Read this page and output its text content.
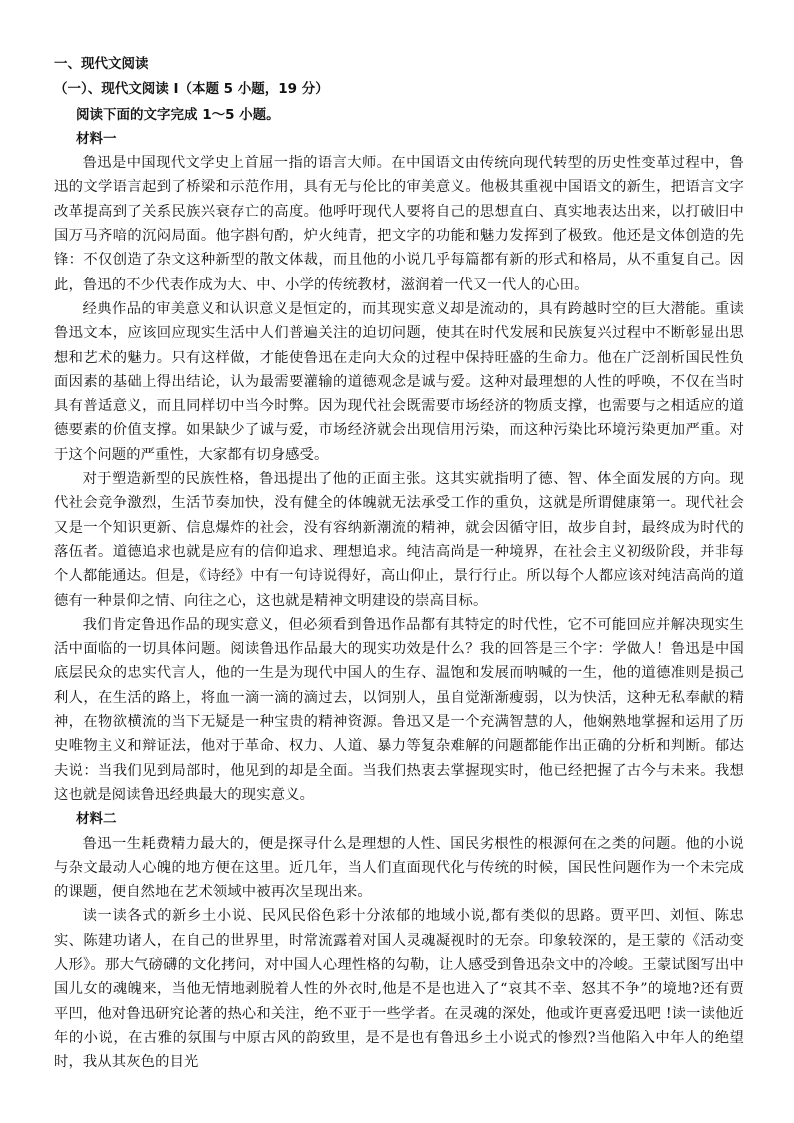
一、现代文阅读
（一）、现代文阅读 I（本题 5 小题，19 分）
阅读下面的文字完成 1～5 小题。
材料一

鲁迅是中国现代文学史上首屈一指的语言大师。在中国语文由传统向现代转型的历史性变革过程中，鲁迅的文学语言起到了桥梁和示范作用，具有无与伦比的审美意义。他极其重视中国语文的新生，把语言文字改革提高到了关系民族兴衰存亡的高度。他呼吁现代人要将自己的思想直白、真实地表达出来，以打破旧中国万马齐喑的沉闷局面。他字斟句酌，炉火纯青，把文字的功能和魅力发挥到了极致。他还是文体创造的先锋：不仅创造了杂文这种新型的散文体裁，而且他的小说几乎每篇都有新的形式和格局，从不重复自己。因此，鲁迅的不少代表作成为大、中、小学的传统教材，滋润着一代又一代人的心田。

经典作品的审美意义和认识意义是恒定的，而其现实意义却是流动的，具有跨越时空的巨大潜能。重读鲁迅文本，应该回应现实生活中人们普遍关注的迫切问题，使其在时代发展和民族复兴过程中不断彰显出思想和艺术的魅力。只有这样做，才能使鲁迅在走向大众的过程中保持旺盛的生命力。他在广泛剖析国民性负面因素的基础上得出结论，认为最需要灌输的道德观念是诚与爱。这种对最理想的人性的呼唤，不仅在当时具有普适意义，而且同样切中当今时弊。因为现代社会既需要市场经济的物质支撑，也需要与之相适应的道德要素的价值支撑。如果缺少了诚与爱，市场经济就会出现信用污染，而这种污染比环境污染更加严重。对于这个问题的严重性，大家都有切身感受。

对于塑造新型的民族性格，鲁迅提出了他的正面主张。这其实就指明了德、智、体全面发展的方向。现代社会竞争激烈，生活节奏加快，没有健全的体魄就无法承受工作的重负，这就是所谓健康第一。现代社会又是一个知识更新、信息爆炸的社会，没有容纳新潮流的精神，就会因循守旧，故步自封，最终成为时代的落伍者。道德追求也就是应有的信仰追求、理想追求。纯洁高尚是一种境界，在社会主义初级阶段，并非每个人都能通达。但是，《诗经》中有一句诗说得好，高山仰止，景行行止。所以每个人都应该对纯洁高尚的道德有一种景仰之情、向往之心，这也就是精神文明建设的崇高目标。

我们肯定鲁迅作品的现实意义，但必须看到鲁迅作品都有其特定的时代性，它不可能回应并解决现实生活中面临的一切具体问题。阅读鲁迅作品最大的现实功效是什么？我的回答是三个字：学做人！鲁迅是中国底层民众的忠实代言人，他的一生是为现代中国人的生存、温饱和发展而呐喊的一生，他的道德准则是损己利人，在生活的路上，将血一滴一滴的滴过去，以饲别人，虽自觉渐渐瘦弱，以为快活，这种无私奉献的精神，在物欲横流的当下无疑是一种宝贵的精神资源。鲁迅又是一个充满智慧的人，他娴熟地掌握和运用了历史唯物主义和辩证法，他对于革命、权力、人道、暴力等复杂难解的问题都能作出正确的分析和判断。郁达夫说：当我们见到局部时，他见到的却是全面。当我们热衷去掌握现实时，他已经把握了古今与未来。我想这也就是阅读鲁迅经典最大的现实意义。

材料二

鲁迅一生耗费精力最大的，便是探寻什么是理想的人性、国民劣根性的根源何在之类的问题。他的小说与杂文最动人心魄的地方便在这里。近几年，当人们直面现代化与传统的时候，国民性问题作为一个未完成的课题，便自然地在艺术领域中被再次呈现出来。

读一读各式的新乡土小说、民风民俗色彩十分浓郁的地域小说,都有类似的思路。贾平凹、刘恒、陈忠实、陈建功诸人，在自己的世界里，时常流露着对国人灵魂凝视时的无奈。印象较深的，是王蒙的《活动变人形》。那大气磅礴的文化拷问，对中国人心理性格的勾勒，让人感受到鲁迅杂文中的冷峻。王蒙试图写出中国儿女的魂魄来，当他无情地剥脱着人性的外衣时,他是不是也进入了“哀其不幸、怒其不争”的境地?还有贾平凹，他对鲁迅研究论著的热心和关注，绝不亚于一些学者。在灵魂的深处，他或许更喜爱迅吧 !读一读他近年的小说，在古雅的氛围与中原古风的韵致里，是不是也有鲁迅乡土小说式的惨烈?当他陷入中年人的绝望时，我从其灰色的目光
